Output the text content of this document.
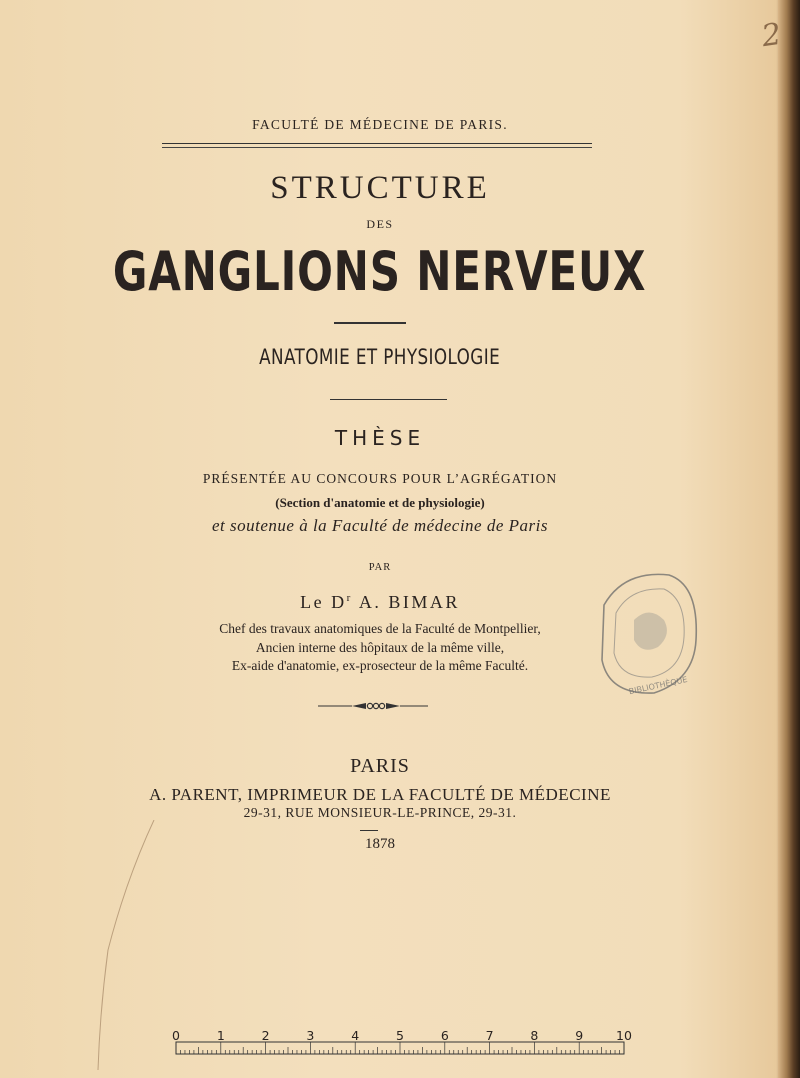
2
FACULTÉ DE MÉDECINE DE PARIS.
STRUCTURE
DES
GANGLIONS NERVEUX
ANATOMIE ET PHYSIOLOGIE
THÈSE
PRÉSENTÉE AU CONCOURS POUR L’AGRÉGATION
(Section d'anatomie et de physiologie)
et soutenue à la Faculté de médecine de Paris
PAR
Le $D^r$ A. BIMAR
Chef des travaux anatomiques de la Faculté de Montpellier,
Ancien interne des hôpitaux de la même ville,
Ex-aide d'anatomie, ex-prosecteur de la même Faculté.
PARIS
A. PARENT, IMPRIMEUR DE LA FACULTÉ DE MÉDECINE
29-31, RUE MONSIEUR-LE-PRINCE, 29-31.
1878
BIBLIOTHÈQUE
0	1	2	3	4	5	6	7	8	9	10
